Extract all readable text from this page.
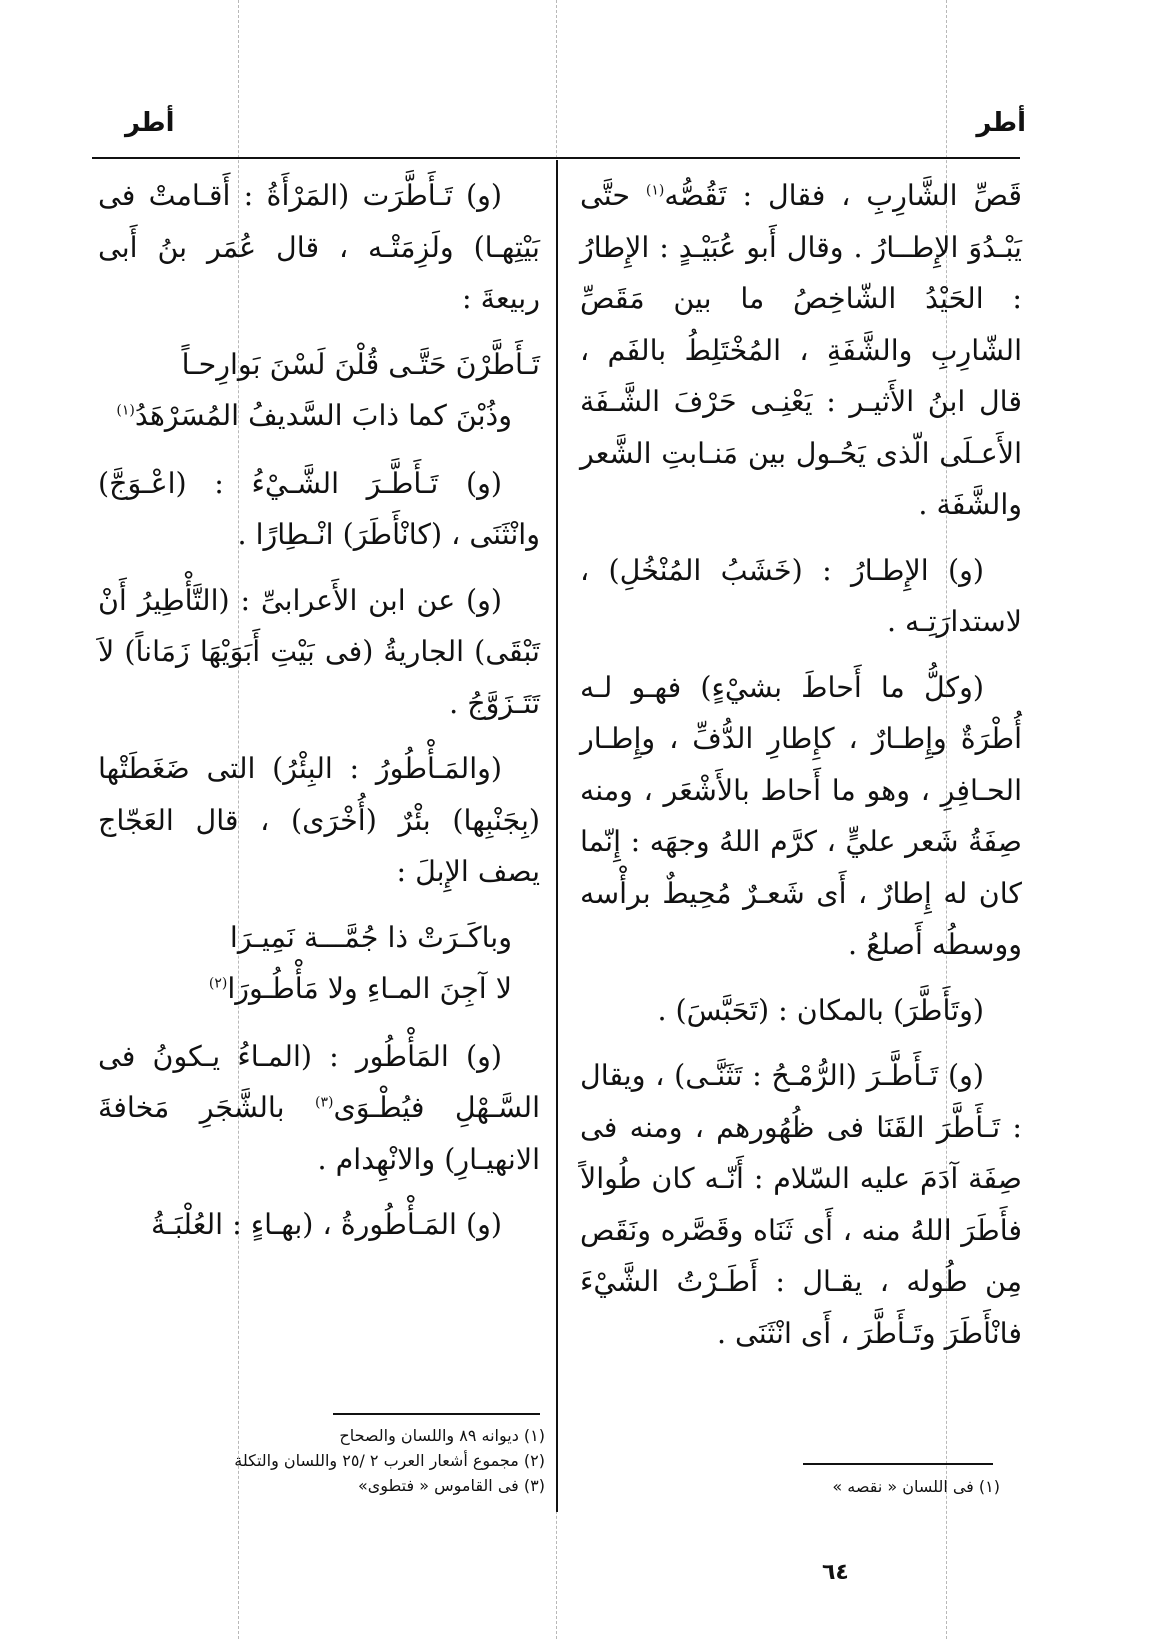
أطر	أطر

قَصِّ الشَّارِبِ ، فقال : تَقُصُّه$^{(١)}$ حتَّى يَبْـدُوَ الإِطــارُ . وقال أَبو عُبَيْـدٍ : الإِطارُ : الحَيْدُ الشّاخِصُ ما بين مَقَصِّ الشّارِبِ والشَّفَةِ ، المُخْتَلِطُ بالفَم ، قال ابنُ الأَثيـر : يَعْنِـى حَرْفَ الشَّـفَة الأَعـلَى الّذى يَحُـول بين مَنـابتِ الشَّعر والشَّفَة .

(و) الإِطـارُ : (خَشَبُ المُنْخُلِ) ، لاستدارَتِـه .

(وكلُّ ما أَحاطَ بشيْءٍ) فهـو لـه أُطْرَةٌ وإِطـارٌ ، كإِطارِ الدُّفِّ ، وإِطـار الحـافِرِ ، وهو ما أَحاط بالأَشْعَر ، ومنه صِفَةُ شَعر عليٍّ ، كرَّم اللهُ وجهَه : إِنّما كان له إِطارٌ ، أَى شَعـرٌ مُحِيطٌ برأْسه ووسطُه أَصلعُ .

(وتَأَطَّرَ) بالمكان : (تَحَبَّسَ) .

(و) تَـأَطَّـرَ (الرُّمْـحُ : تَثَنَّـى) ، ويقال : تَـأَطَّرَ القَنَا فى ظُهُورهم ، ومنه فى صِفَة آدَمَ عليه السّلام : أَنّـه كان طُوالاً فأَطَرَ اللهُ منه ، أَى ثَنَاه وقَصَّره ونَقَص مِن طُوله ، يقـال : أَطَـرْتُ الشَّيْءَ فانْأَطَرَ وتَـأَطَّرَ ، أَى انْثَنَى .

(و) تَـأَطَّرَت (المَرْأَةُ : أَقـامتْ فى بَيْتِهـا) ولَزِمَتْـه ، قال عُمَر بنُ أَبى ربيعةَ :

تَـأَطَّرْنَ حَتَّـى قُلْنَ لَسْنَ بَوارِحـاً
وذُبْنَ كما ذابَ السَّديفُ المُسَرْهَدُ$^{(١)}$

(و) تَـأَطَّـرَ الشَّـيْءُ : (اعْـوَجَّ) وانْثَنَى ، (كانْأَطَرَ) انْـطِارًا .

(و) عن ابن الأَعرابىِّ : (التَّأْطِيرُ أَنْ تَبْقَى) الجاريةُ (فى بَيْتِ أَبَوَيْهَا زَمَاناً) لاَ تَتَـزَوَّجُ .

(والمَـأْطُورُ : البِئْرُ) التى ضَغَطَتْها (بِجَنْبِها) بئْرٌ (أُخْرَى) ، قال العَجّاج يصف الإِبلَ :

وباكَـرَتْ ذا جُمَّـــة نَمِيـرَا
لا آجِنَ المـاءِ ولا مَأْطُـورَا$^{(٢)}$

(و) المَأْطُور : (المـاءُ يـكونُ فى السَّـهْلِ فيُطْـوَى$^{(٣)}$ بالشَّجَرِ مَخافةَ الانهيـارِ) والانْهِدام .

(و) المَـأْطُورةُ ، (بهـاءٍ : العُلْبَـةُ

(١) فى اللسان « نقصه »
(١) ديوانه ٨٩ واللسان والصحاح
(٢) مجموع أشعار العرب ٢ /٢٥ واللسان والتكلة
(٣) فى القاموس « فتطوى»
٦٤
